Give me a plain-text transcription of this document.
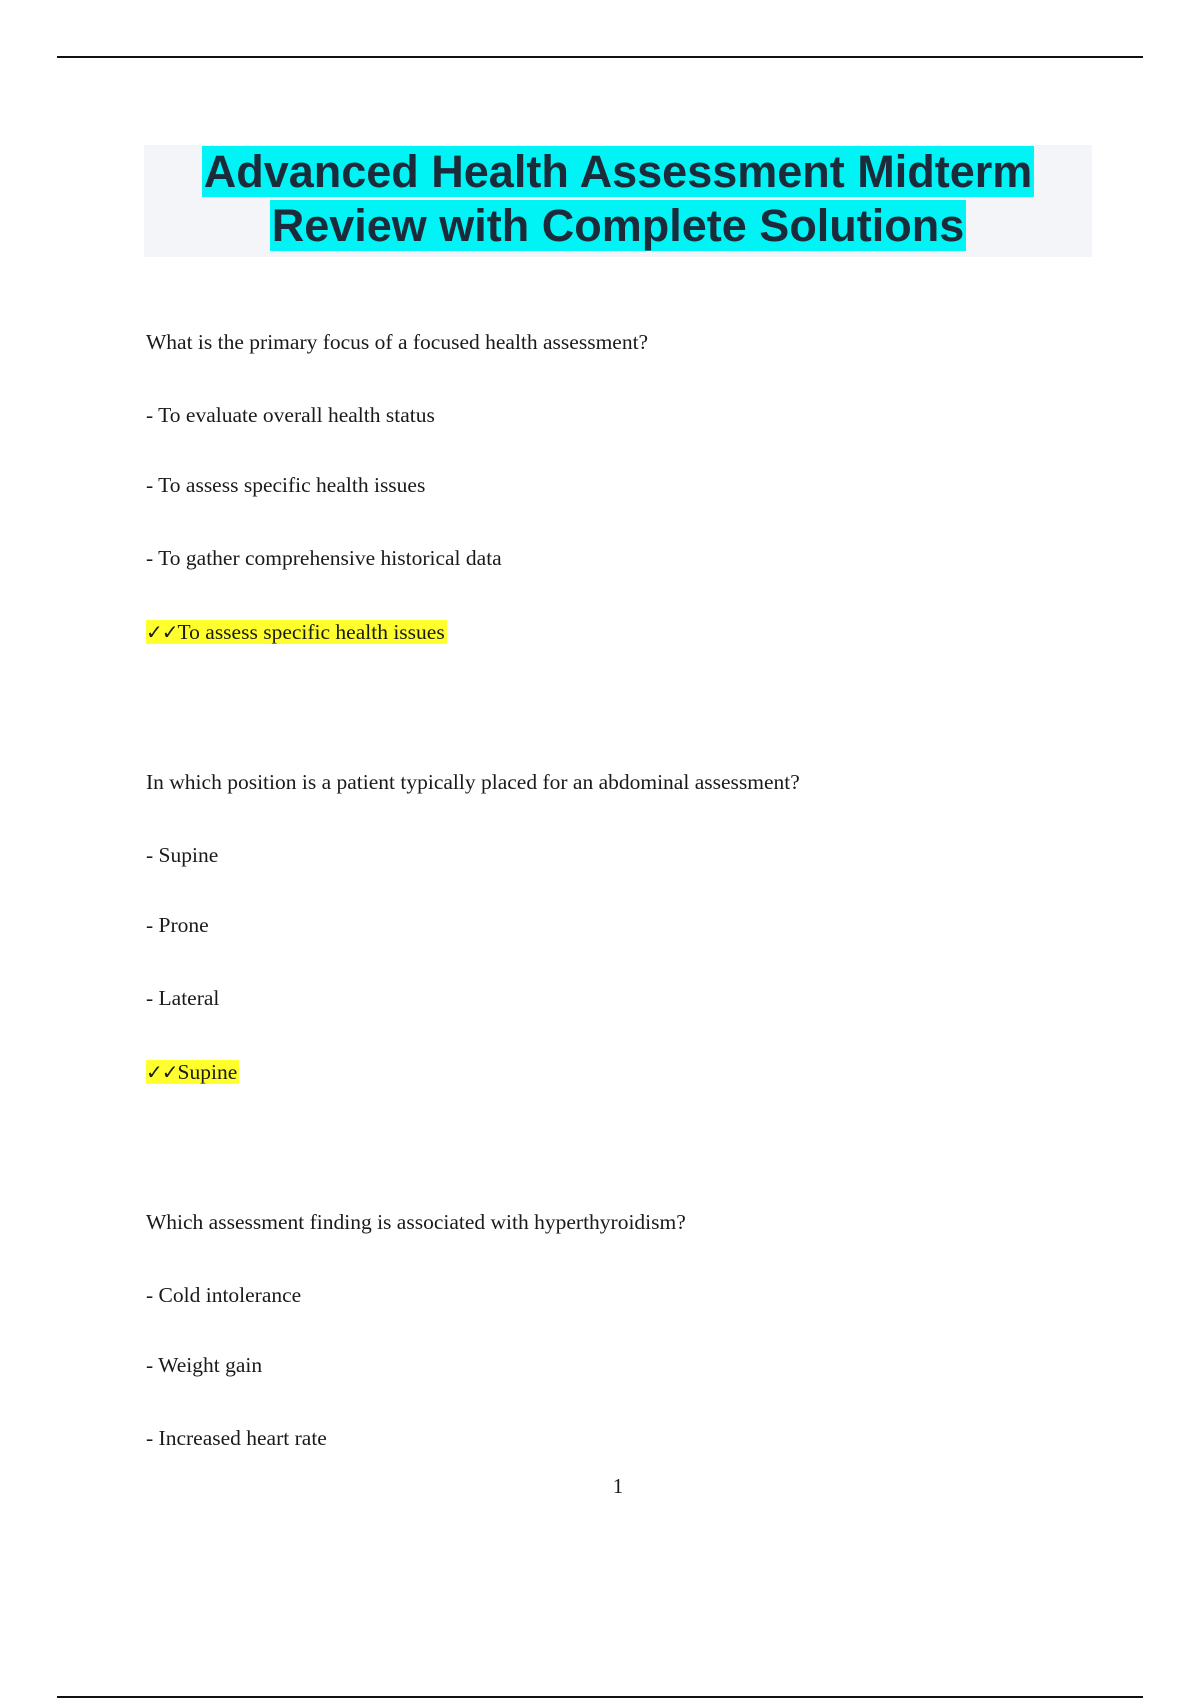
Advanced Health Assessment Midterm
Review with Complete Solutions
What is the primary focus of a focused health assessment?
- To evaluate overall health status
- To assess specific health issues
- To gather comprehensive historical data
✓✓To assess specific health issues
In which position is a patient typically placed for an abdominal assessment?
- Supine
- Prone
- Lateral
✓✓Supine
Which assessment finding is associated with hyperthyroidism?
- Cold intolerance
- Weight gain
- Increased heart rate
1
